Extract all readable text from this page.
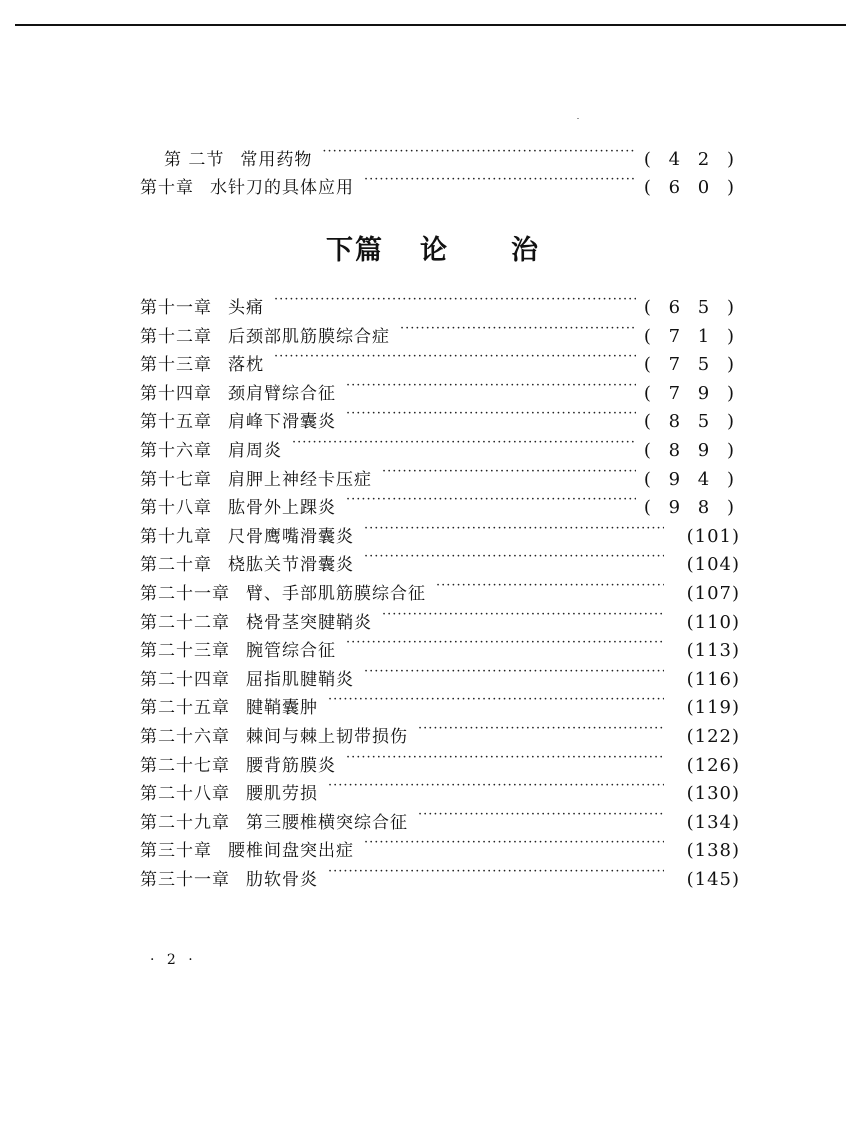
第 二节 常用药物 ·····	( 4 2 )
第十章 水针刀的具体应用 ·····	( 6 0 )
下篇 论 治
第十一章 头痛 ·····	( 6 5 )
第十二章 后颈部肌筋膜综合症 ·····	( 7 1 )
第十三章 落枕 ·····	( 7 5 )
第十四章 颈肩臂综合征 ·····	( 7 9 )
第十五章 肩峰下滑囊炎 ·····	( 8 5 )
第十六章 肩周炎 ·····	( 8 9 )
第十七章 肩胛上神经卡压症 ·····	( 9 4 )
第十八章 肱骨外上踝炎 ·····	( 9 8 )
第十九章 尺骨鹰嘴滑囊炎 ·····	(101)
第二十章 桡肱关节滑囊炎 ·····	(104)
第二十一章 臂、手部肌筋膜综合征 ·····	(107)
第二十二章 桡骨茎突腱鞘炎 ·····	(110)
第二十三章 腕管综合征 ·····	(113)
第二十四章 屈指肌腱鞘炎 ·····	(116)
第二十五章 腱鞘囊肿 ·····	(119)
第二十六章 棘间与棘上韧带损伤 ·····	(122)
第二十七章 腰背筋膜炎 ·····	(126)
第二十八章 腰肌劳损 ·····	(130)
第二十九章 第三腰椎横突综合征 ·····	(134)
第三十章 腰椎间盘突出症 ·····	(138)
第三十一章 肋软骨炎 ·····	(145)
· 2 ·
